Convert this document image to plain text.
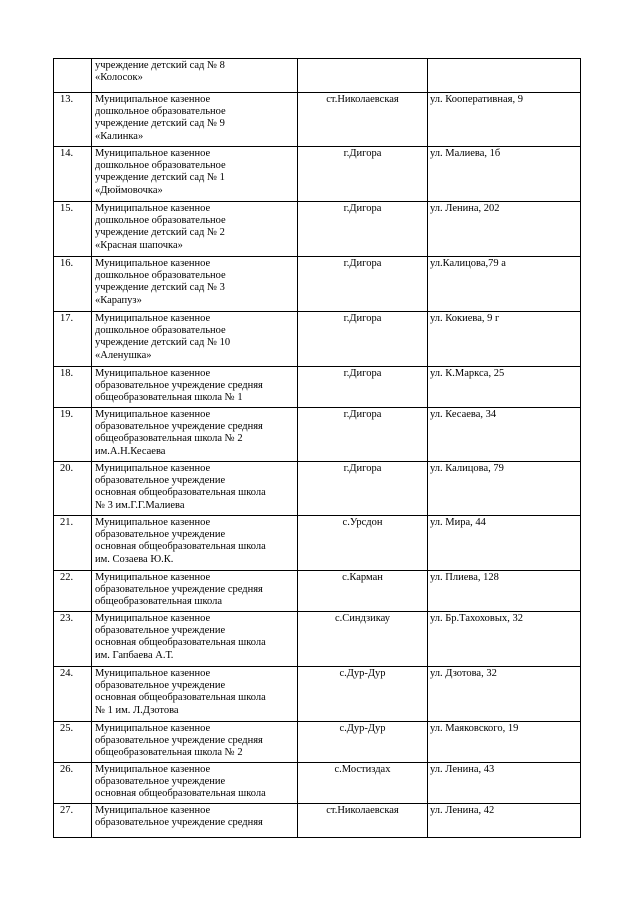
	учреждение детский сад № 8
«Колосок»		
13.	Муниципальное казенное
дошкольное образовательное
учреждение детский сад № 9
«Калинка»	ст.Николаевская	ул. Кооперативная, 9
14.	Муниципальное казенное
дошкольное образовательное
учреждение детский сад № 1
«Дюймовочка»	г.Дигора	ул. Малиева, 1б
15.	Муниципальное казенное
дошкольное образовательное
учреждение детский сад № 2
«Красная шапочка»	г.Дигора	ул. Ленина, 202
16.	Муниципальное казенное
дошкольное образовательное
учреждение детский сад № 3
«Карапуз»	г.Дигора	ул.Калицова,79 а
17.	Муниципальное казенное
дошкольное образовательное
учреждение детский сад № 10
«Аленушка»	г.Дигора	ул. Кокиева, 9 г
18.	Муниципальное казенное
образовательное учреждение средняя
общеобразовательная школа № 1	г.Дигора	ул. К.Маркса, 25
19.	Муниципальное казенное
образовательное учреждение средняя
общеобразовательная школа № 2
им.А.Н.Кесаева	г.Дигора	ул. Кесаева, 34
20.	Муниципальное казенное
образовательное учреждение
основная общеобразовательная школа
№ 3 им.Г.Г.Малиева	г.Дигора	ул. Калицова, 79
21.	Муниципальное казенное
образовательное учреждение
основная общеобразовательная школа
им. Созаева Ю.К.	с.Урсдон	ул. Мира, 44
22.	Муниципальное казенное
образовательное учреждение средняя
общеобразовательная школа	с.Карман	ул. Плиева, 128
23.	Муниципальное казенное
образовательное учреждение
основная общеобразовательная школа
им. Гапбаева А.Т.	с.Синдзикау	ул. Бр.Тахоховых, 32
24.	Муниципальное казенное
образовательное учреждение
основная общеобразовательная школа
№ 1 им. Л.Дзотова	с.Дур-Дур	ул. Дзотова, 32
25.	Муниципальное казенное
образовательное учреждение средняя
общеобразовательная школа № 2	с.Дур-Дур	ул. Маяковского, 19
26.	Муниципальное казенное
образовательное учреждение
основная общеобразовательная школа	с.Мостиздах	ул. Ленина, 43
27.	Муниципальное казенное
образовательное учреждение средняя	ст.Николаевская	ул. Ленина, 42
